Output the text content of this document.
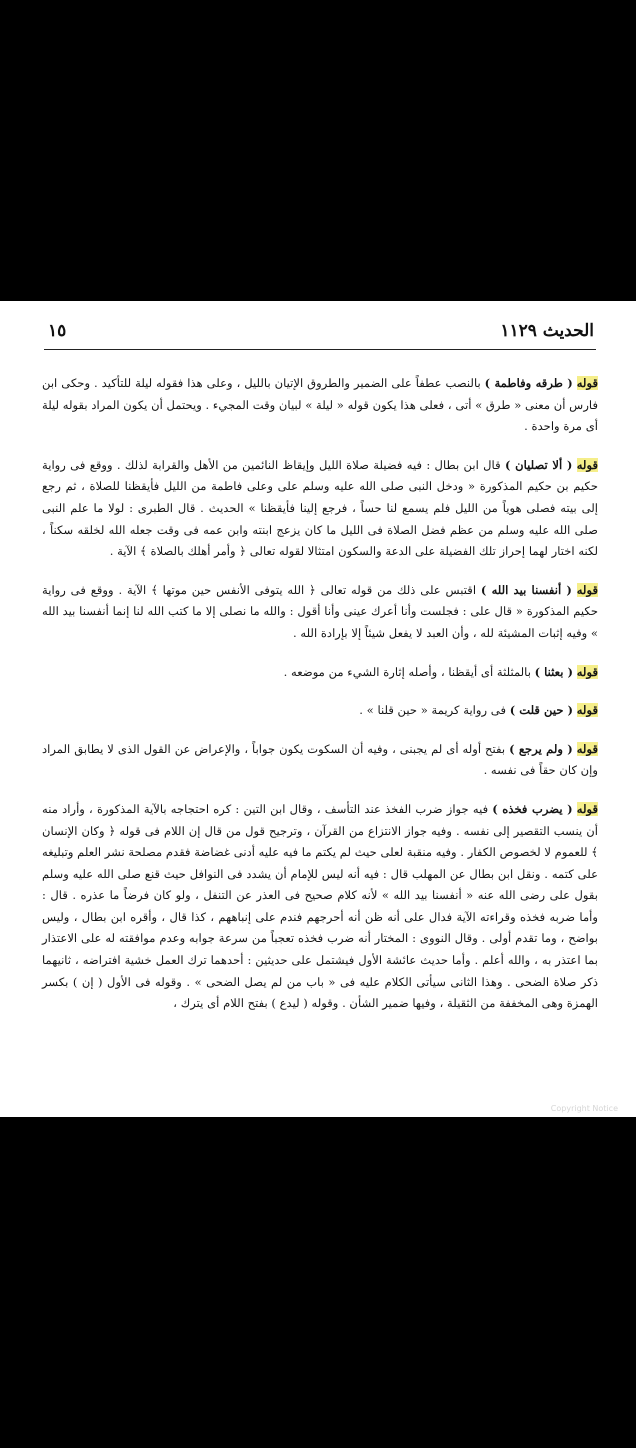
الحديث ١١٢٩
١٥

قوله ( طرقه وفاطمة ) بالنصب عطفاً على الضمير والطروق الإتيان بالليل ، وعلى هذا فقوله ليلة للتأكيد . وحكى ابن فارس أن معنى « طرق » أتى ، فعلى هذا يكون قوله « ليلة » لبيان وقت المجيء . ويحتمل أن يكون المراد بقوله ليلة أى مرة واحدة .

قوله ( ألا تصليان ) قال ابن بطال : فيه فضيلة صلاة الليل وإيقاظ النائمين من الأهل والقرابة لذلك . ووقع فى رواية حكيم بن حكيم المذكورة « ودخل النبى صلى الله عليه وسلم على وعلى فاطمة من الليل فأيقظنا للصلاة ، ثم رجع إلى بيته فصلى هوياً من الليل فلم يسمع لنا حساً ، فرجع إلينا فأيقظنا » الحديث . قال الطبرى : لولا ما علم النبى صلى الله عليه وسلم من عظم فضل الصلاة فى الليل ما كان يزعج ابنته وابن عمه فى وقت جعله الله لخلقه سكناً ، لكنه اختار لهما إحراز تلك الفضيلة على الدعة والسكون امتثالا لقوله تعالى ﴿ وأمر أهلك بالصلاة ﴾ الآية .

قوله ( أنفسنا بيد الله ) اقتبس على ذلك من قوله تعالى ﴿ الله يتوفى الأنفس حين موتها ﴾ الآية . ووقع فى رواية حكيم المذكورة « قال على : فجلست وأنا أعرك عينى وأنا أقول : والله ما نصلى إلا ما كتب الله لنا إنما أنفسنا بيد الله » وفيه إثبات المشيئة لله ، وأن العبد لا يفعل شيئاً إلا بإرادة الله .

قوله ( بعثنا ) بالمثلثة أى أيقظنا ، وأصله إثارة الشيء من موضعه .

قوله ( حين قلت ) فى رواية كريمة « حين قلنا » .

قوله ( ولم يرجع ) بفتح أوله أى لم يجبنى ، وفيه أن السكوت يكون جواباً ، والإعراض عن القول الذى لا يطابق المراد وإن كان حقاً فى نفسه .

قوله ( يضرب فخذه ) فيه جواز ضرب الفخذ عند التأسف ، وقال ابن التين : كره احتجاجه بالآية المذكورة ، وأراد منه أن ينسب التقصير إلى نفسه . وفيه جواز الانتزاع من القرآن ، وترجيح قول من قال إن اللام فى قوله ﴿ وكان الإنسان ﴾ للعموم لا لخصوص الكفار . وفيه منقبة لعلى حيث لم يكتم ما فيه عليه أدنى غضاضة فقدم مصلحة نشر العلم وتبليغه على كتمه . ونقل ابن بطال عن المهلب قال : فيه أنه ليس للإمام أن يشدد فى النوافل حيث قنع صلى الله عليه وسلم بقول على رضى الله عنه « أنفسنا بيد الله » لأنه كلام صحيح فى العذر عن التنفل ، ولو كان فرضاً ما عذره . قال : وأما ضربه فخذه وقراءته الآية فدال على أنه ظن أنه أحرجهم فندم على إنباههم ، كذا قال ، وأقره ابن بطال ، وليس بواضح ، وما تقدم أولى . وقال النووى : المختار أنه ضرب فخذه تعجباً من سرعة جوابه وعدم موافقته له على الاعتذار بما اعتذر به ، والله أعلم . وأما حديث عائشة الأول فيشتمل على حديثين : أحدهما ترك العمل خشية افتراضه ، ثانيهما ذكر صلاة الضحى . وهذا الثانى سيأتى الكلام عليه فى « باب من لم يصل الضحى » . وقوله فى الأول ( إن ) بكسر الهمزة وهى المخففة من الثقيلة ، وفيها ضمير الشأن . وقوله ( ليدع ) بفتح اللام أى يترك ،

Copyright Notice
